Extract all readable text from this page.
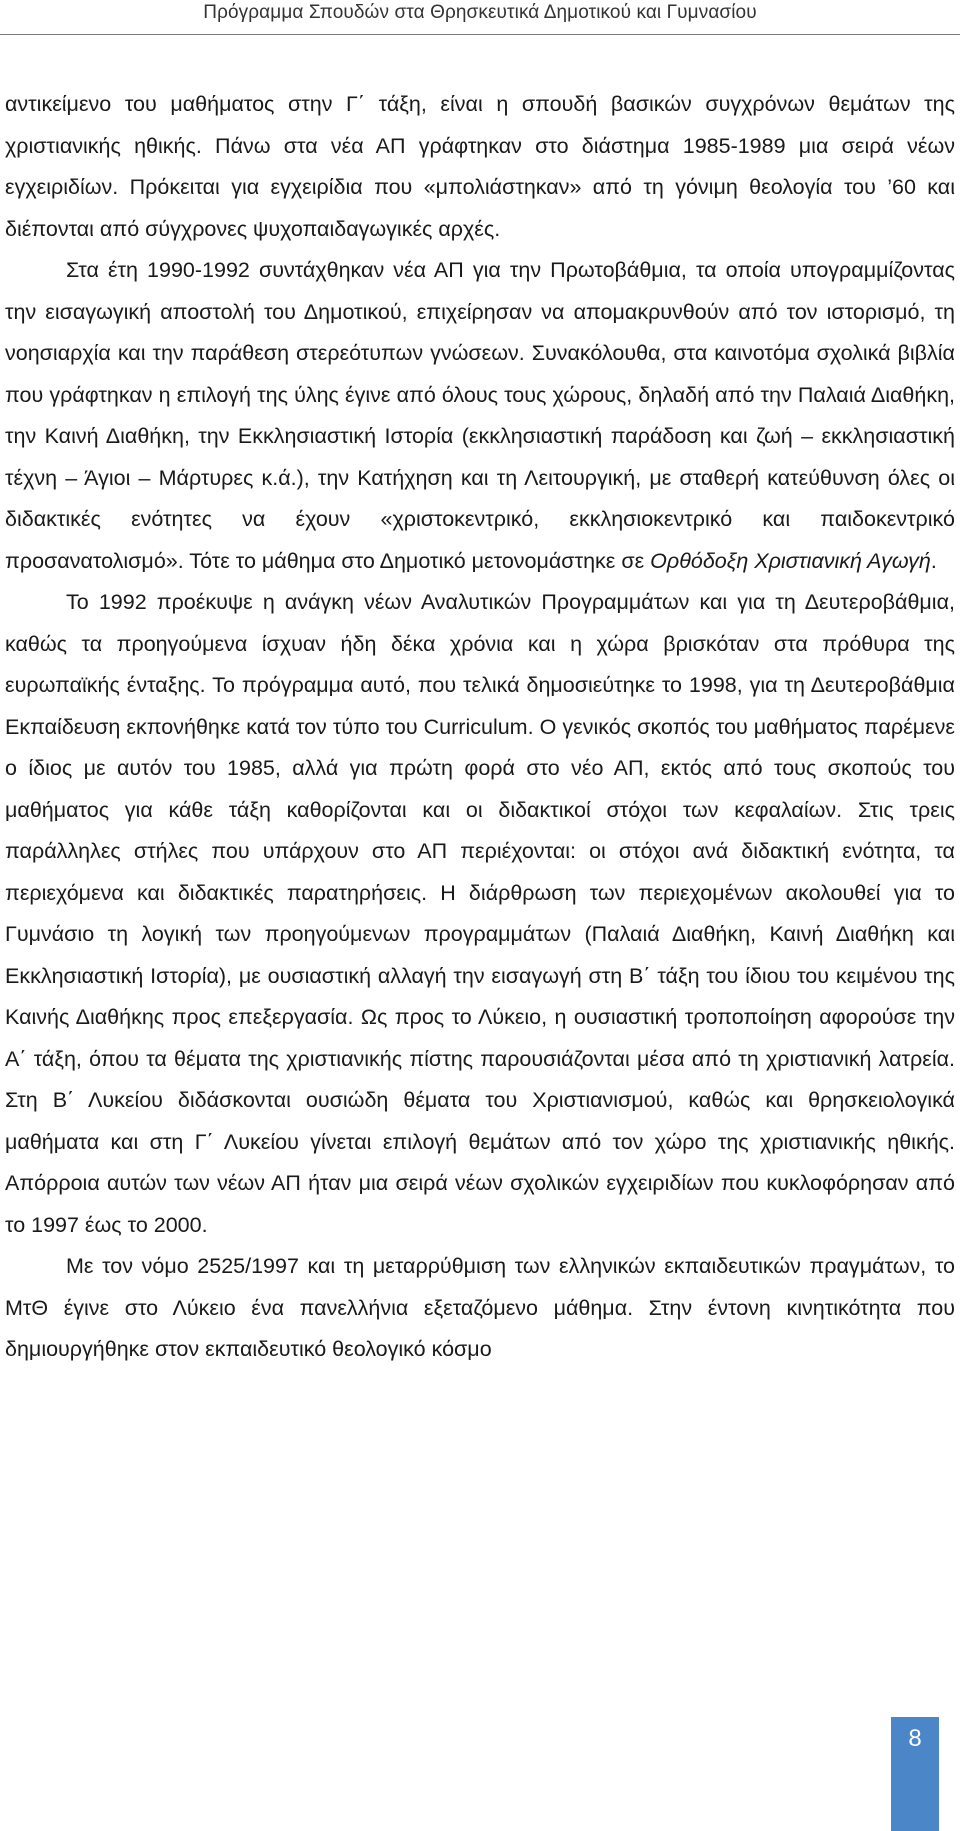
Πρόγραμμα Σπουδών στα Θρησκευτικά Δημοτικού και Γυμνασίου

αντικείμενο του μαθήματος στην Γ΄ τάξη, είναι η σπουδή βασικών συγχρόνων θεμάτων της χριστιανικής ηθικής. Πάνω στα νέα ΑΠ γράφτηκαν στο διάστημα 1985-1989 μια σειρά νέων εγχειριδίων. Πρόκειται για εγχειρίδια που «μπολιάστηκαν» από τη γόνιμη θεολογία του ’60 και διέπονται από σύγχρονες ψυχοπαιδαγωγικές αρχές.

Στα έτη 1990-1992 συντάχθηκαν νέα ΑΠ για την Πρωτοβάθμια, τα οποία υπογραμμίζοντας την εισαγωγική αποστολή του Δημοτικού, επιχείρησαν να απομακρυνθούν από τον ιστορισμό, τη νοησιαρχία και την παράθεση στερεότυπων γνώσεων. Συνακόλουθα, στα καινοτόμα σχολικά βιβλία που γράφτηκαν η επιλογή της ύλης έγινε από όλους τους χώρους, δηλαδή από την Παλαιά Διαθήκη, την Καινή Διαθήκη, την Εκκλησιαστική Ιστορία (εκκλησιαστική παράδοση και ζωή – εκκλησιαστική τέχνη – Άγιοι – Μάρτυρες κ.ά.), την Κατήχηση και τη Λειτουργική, με σταθερή κατεύθυνση όλες οι διδακτικές ενότητες να έχουν «χριστοκεντρικό, εκκλησιοκεντρικό και παιδοκεντρικό προσανατολισμό». Τότε το μάθημα στο Δημοτικό μετονομάστηκε σε Ορθόδοξη Χριστιανική Αγωγή.

Το 1992 προέκυψε η ανάγκη νέων Αναλυτικών Προγραμμάτων και για τη Δευτεροβάθμια, καθώς τα προηγούμενα ίσχυαν ήδη δέκα χρόνια και η χώρα βρισκόταν στα πρόθυρα της ευρωπαϊκής ένταξης. Το πρόγραμμα αυτό, που τελικά δημοσιεύτηκε το 1998, για τη Δευτεροβάθμια Εκπαίδευση εκπονήθηκε κατά τον τύπο του Curriculum. Ο γενικός σκοπός του μαθήματος παρέμενε ο ίδιος με αυτόν του 1985, αλλά για πρώτη φορά στο νέο ΑΠ, εκτός από τους σκοπούς του μαθήματος για κάθε τάξη καθορίζονται και οι διδακτικοί στόχοι των κεφαλαίων. Στις τρεις παράλληλες στήλες που υπάρχουν στο ΑΠ περιέχονται: οι στόχοι ανά διδακτική ενότητα, τα περιεχόμενα και διδακτικές παρατηρήσεις. Η διάρθρωση των περιεχομένων ακολουθεί για το Γυμνάσιο τη λογική των προηγούμενων προγραμμάτων (Παλαιά Διαθήκη, Καινή Διαθήκη και Εκκλησιαστική Ιστορία), με ουσιαστική αλλαγή την εισαγωγή στη Β΄ τάξη του ίδιου του κειμένου της Καινής Διαθήκης προς επεξεργασία. Ως προς το Λύκειο, η ουσιαστική τροποποίηση αφορούσε την Α΄ τάξη, όπου τα θέματα της χριστιανικής πίστης παρουσιάζονται μέσα από τη χριστιανική λατρεία. Στη Β΄ Λυκείου διδάσκονται ουσιώδη θέματα του Χριστιανισμού, καθώς και θρησκειολογικά μαθήματα και στη Γ΄ Λυκείου γίνεται επιλογή θεμάτων από τον χώρο της χριστιανικής ηθικής. Απόρροια αυτών των νέων ΑΠ ήταν μια σειρά νέων σχολικών εγχειριδίων που κυκλοφόρησαν από το 1997 έως το 2000.

Με τον νόμο 2525/1997 και τη μεταρρύθμιση των ελληνικών εκπαιδευτικών πραγμάτων, το ΜτΘ έγινε στο Λύκειο ένα πανελλήνια εξεταζόμενο μάθημα. Στην έντονη κινητικότητα που δημιουργήθηκε στον εκπαιδευτικό θεολογικό κόσμο

8
